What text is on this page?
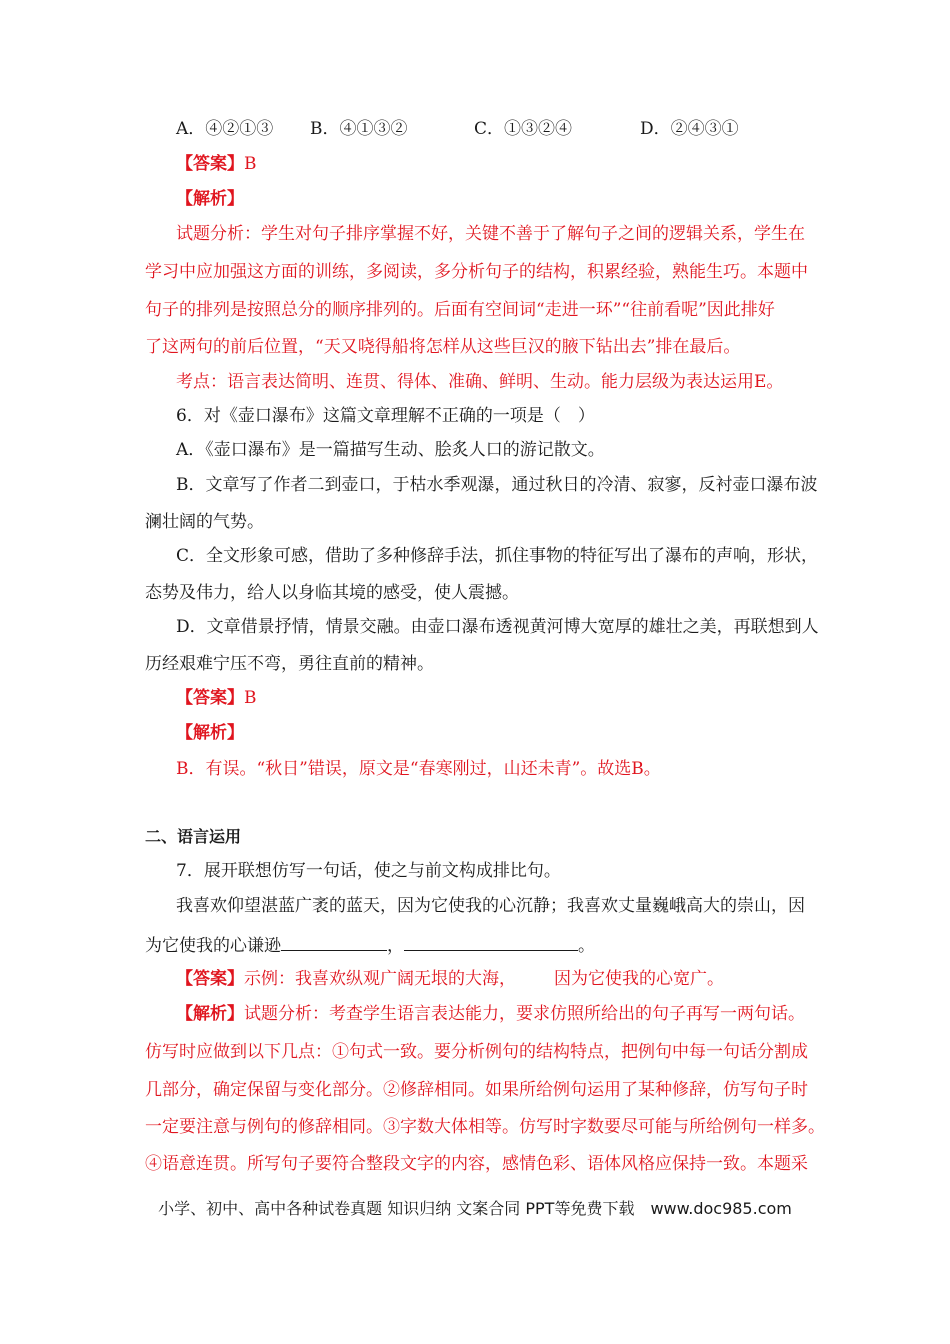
A．④②①③ B．④①③②	C．①③②④	D．②④③①
【答案】B
【解析】
试题分析：学生对句子排序掌握不好，关键不善于了解句子之间的逻辑关系，学生在
学习中应加强这方面的训练，多阅读，多分析句子的结构，积累经验，熟能生巧。本题中
句子的排列是按照总分的顺序排列的。后面有空间词“走进一环”“往前看呢”因此排好
了这两句的前后位置，“天又哓得船将怎样从这些巨汉的腋下钻出去”排在最后。
考点：语言表达简明、连贯、得体、准确、鲜明、生动。能力层级为表达运用E。
6．对《壶口瀑布》这篇文章理解不正确的一项是（　）
A．《壶口瀑布》是一篇描写生动、脍炙人口的游记散文。
B．文章写了作者二到壶口，于枯水季观瀑，通过秋日的冷清、寂寥，反衬壶口瀑布波
澜壮阔的气势。
C．全文形象可感，借助了多种修辞手法，抓住事物的特征写出了瀑布的声响，形状，
态势及伟力，给人以身临其境的感受，使人震撼。
D．文章借景抒情，情景交融。由壶口瀑布透视黄河博大宽厚的雄壮之美，再联想到人
历经艰难宁压不弯，勇往直前的精神。
【答案】B
【解析】
B．有误。“秋日”错误，原文是“春寒刚过，山还未青”。故选B。
二、语言运用
7．展开联想仿写一句话，使之与前文构成排比句。
我喜欢仰望湛蓝广袤的蓝天，因为它使我的心沉静；我喜欢丈量巍峨高大的崇山，因
为它使我的心谦逊	，	。
【答案】示例：我喜欢纵观广阔无垠的大海， 因为它使我的心宽广。
【解析】试题分析：考查学生语言表达能力，要求仿照所给出的句子再写一两句话。
仿写时应做到以下几点：①句式一致。要分析例句的结构特点，把例句中每一句话分割成
几部分，确定保留与变化部分。②修辞相同。如果所给例句运用了某种修辞，仿写句子时
一定要注意与例句的修辞相同。③字数大体相等。仿写时字数要尽可能与所给例句一样多。
④语意连贯。所写句子要符合整段文字的内容，感情色彩、语体风格应保持一致。本题采
小学、初中、高中各种试卷真题 知识归纳 文案合同 PPT等免费下载　www.doc985.com
